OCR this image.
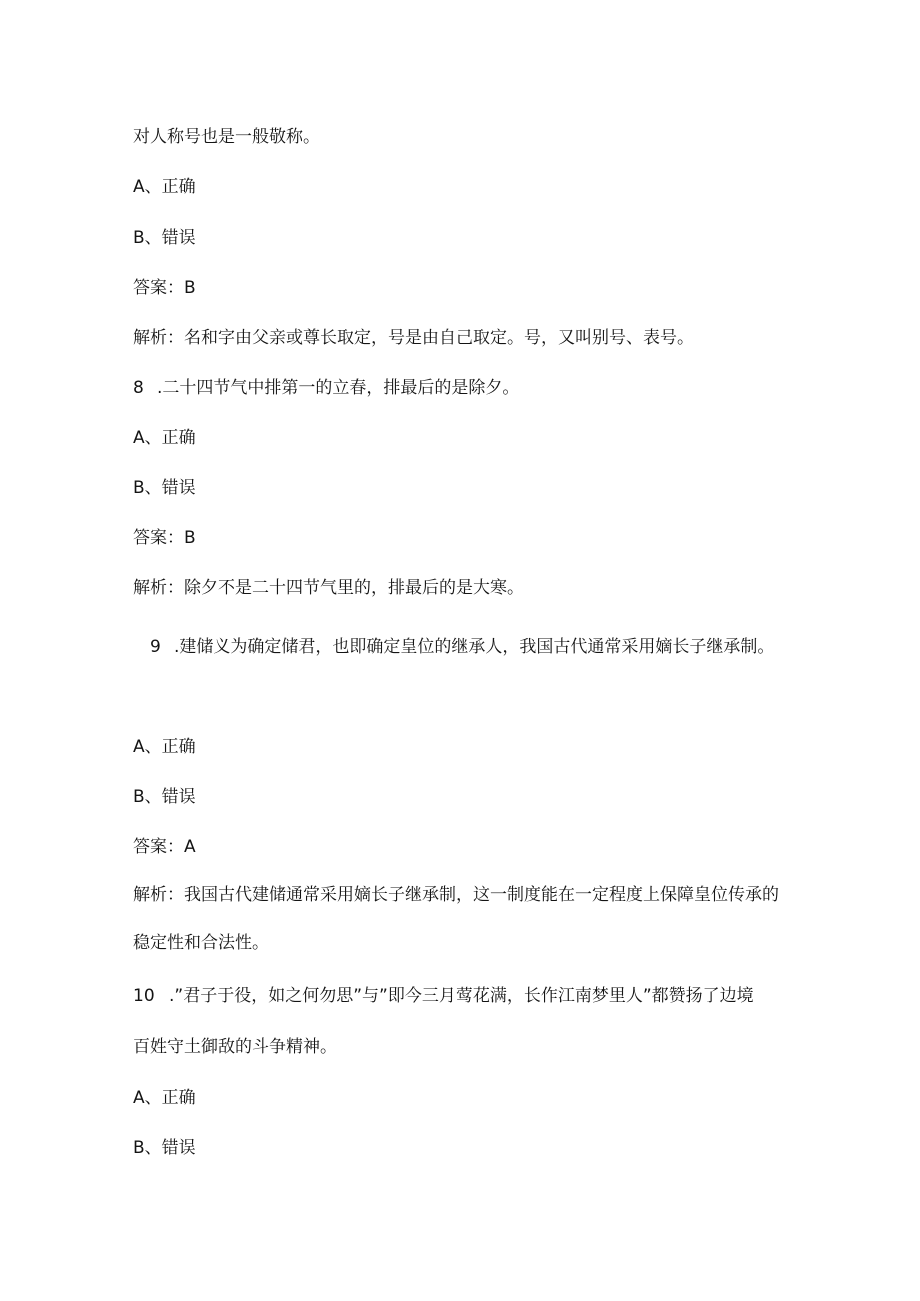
对人称号也是一般敬称。
A、正确
B、错误
答案：B
解析：名和字由父亲或尊长取定，号是由自己取定。号，又叫别号、表号。
8 .二十四节气中排第一的立春，排最后的是除夕。
A、正确
B、错误
答案：B
解析：除夕不是二十四节气里的，排最后的是大寒。
9 .建储义为确定储君，也即确定皇位的继承人，我国古代通常采用嫡长子继承制。
A、正确
B、错误
答案：A
解析：我国古代建储通常采用嫡长子继承制，这一制度能在一定程度上保障皇位传承的
稳定性和合法性。
10 .”君子于役，如之何勿思”与”即今三月莺花满，长作江南梦里人”都赞扬了边境
百姓守土御敌的斗争精神。
A、正确
B、错误
